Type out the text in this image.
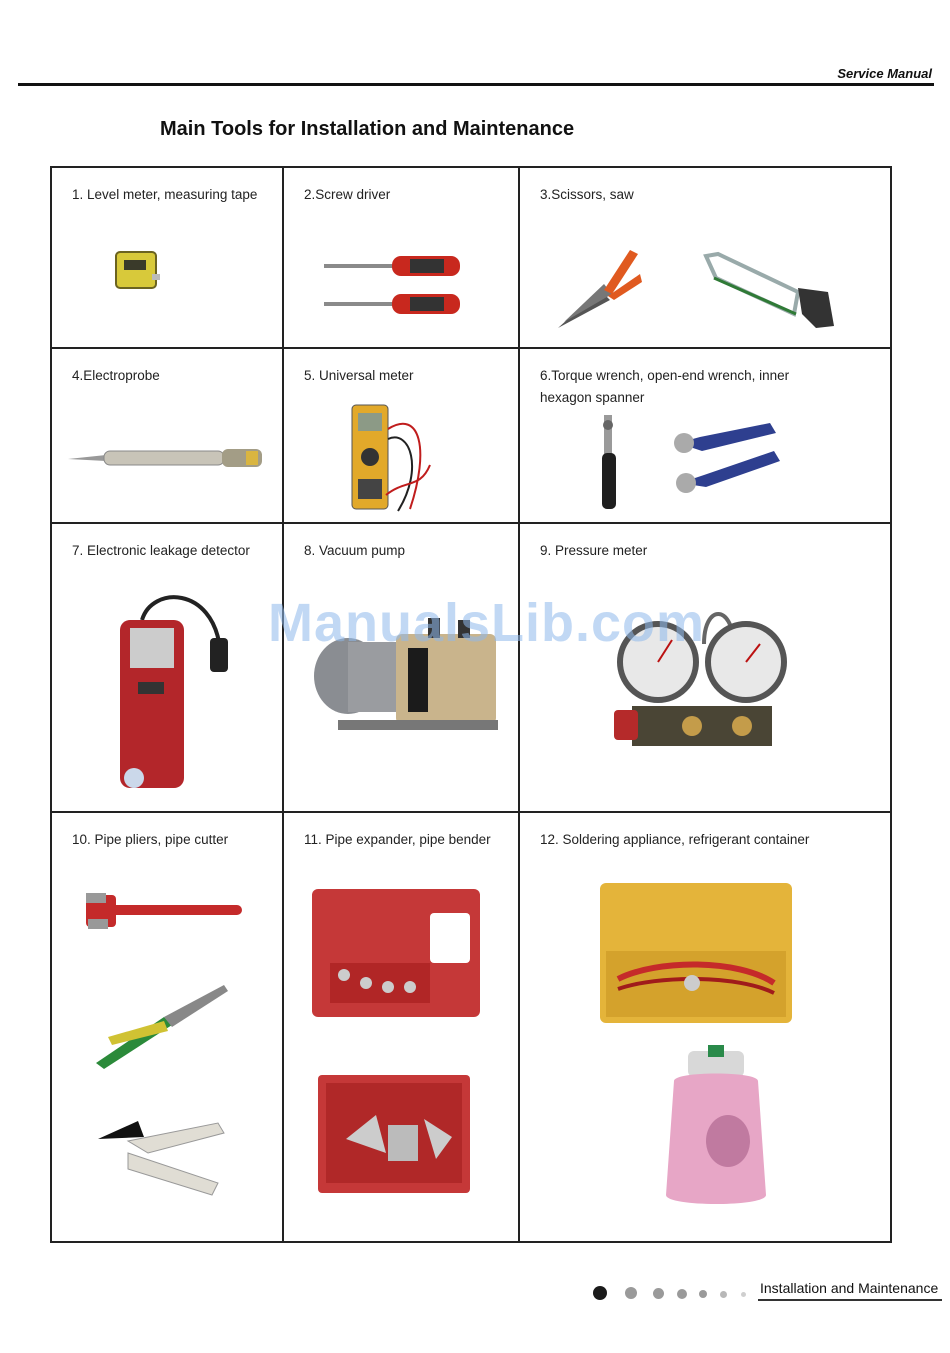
Service Manual
Main Tools for Installation and Maintenance
1. Level meter, measuring tape	2.Screw driver	3.Scissors, saw
4.Electroprobe	5. Universal meter	6.Torque wrench, open-end wrench, inner hexagon spanner
7. Electronic leakage detector	8. Vacuum pump	9. Pressure meter
10. Pipe pliers, pipe cutter	11. Pipe expander, pipe bender	12. Soldering appliance, refrigerant container
ManualsLib.com
Installation and Maintenance
